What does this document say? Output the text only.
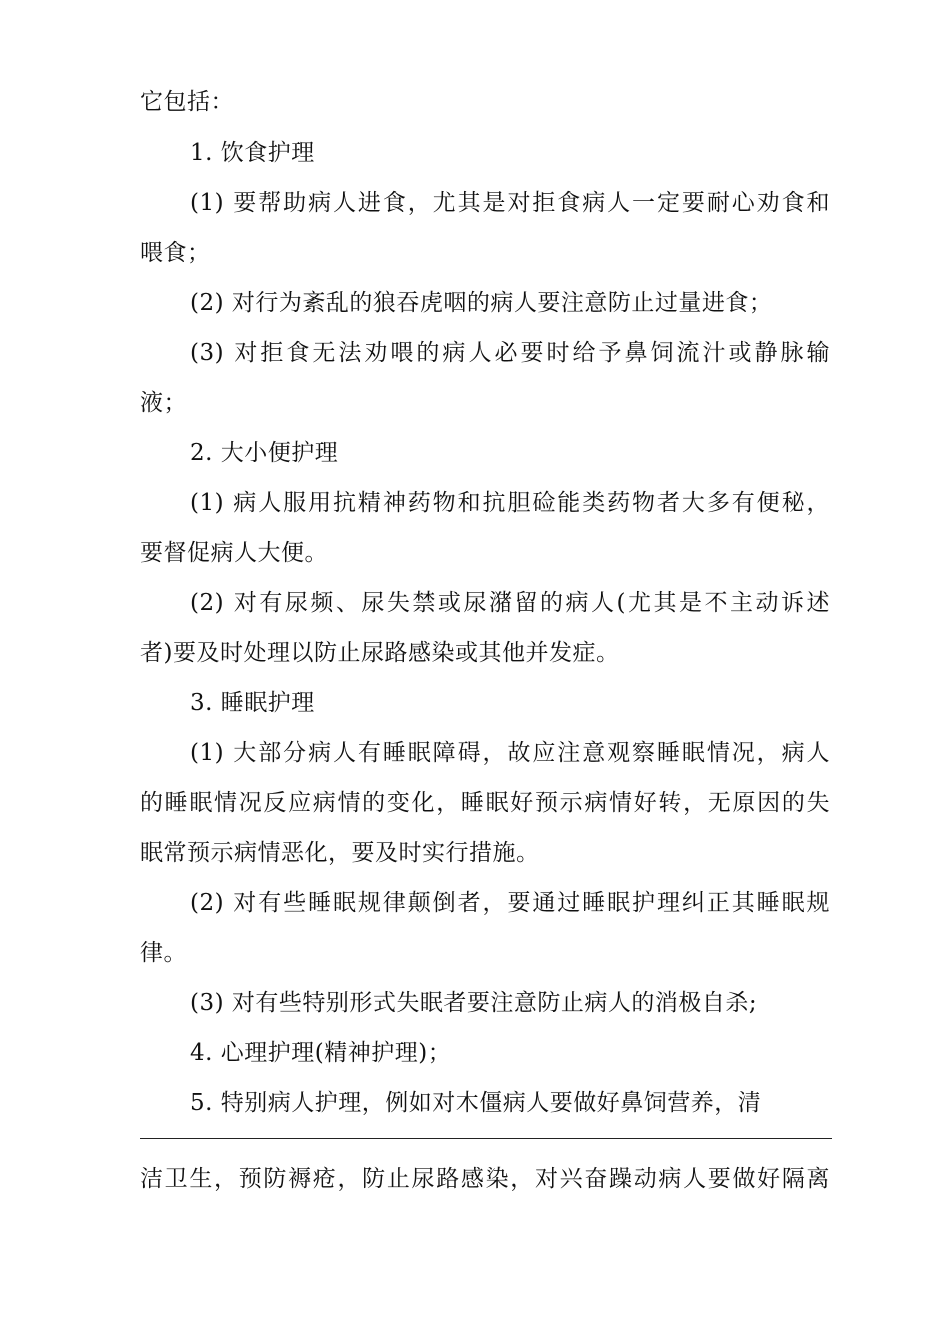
它包括：
1. 饮食护理
(1) 要帮助病人进食，尤其是对拒食病人一定要耐心劝食和
喂食；
(2) 对行为紊乱的狼吞虎咽的病人要注意防止过量进食；
(3) 对拒食无法劝喂的病人必要时给予鼻饲流汁或静脉输
液；
2. 大小便护理
(1) 病人服用抗精神药物和抗胆硷能类药物者大多有便秘，
要督促病人大便。
(2) 对有尿频、尿失禁或尿潴留的病人(尤其是不主动诉述
者)要及时处理以防止尿路感染或其他并发症。
3. 睡眠护理
(1) 大部分病人有睡眠障碍，故应注意观察睡眠情况，病人
的睡眠情况反应病情的变化，睡眠好预示病情好转，无原因的失
眠常预示病情恶化，要及时实行措施。
(2) 对有些睡眠规律颠倒者，要通过睡眠护理纠正其睡眠规
律。
(3) 对有些特别形式失眠者要注意防止病人的消极自杀;
4. 心理护理(精神护理)；
5. 特别病人护理，例如对木僵病人要做好鼻饲营养，清
洁卫生，预防褥疮，防止尿路感染，对兴奋躁动病人要做好隔离
